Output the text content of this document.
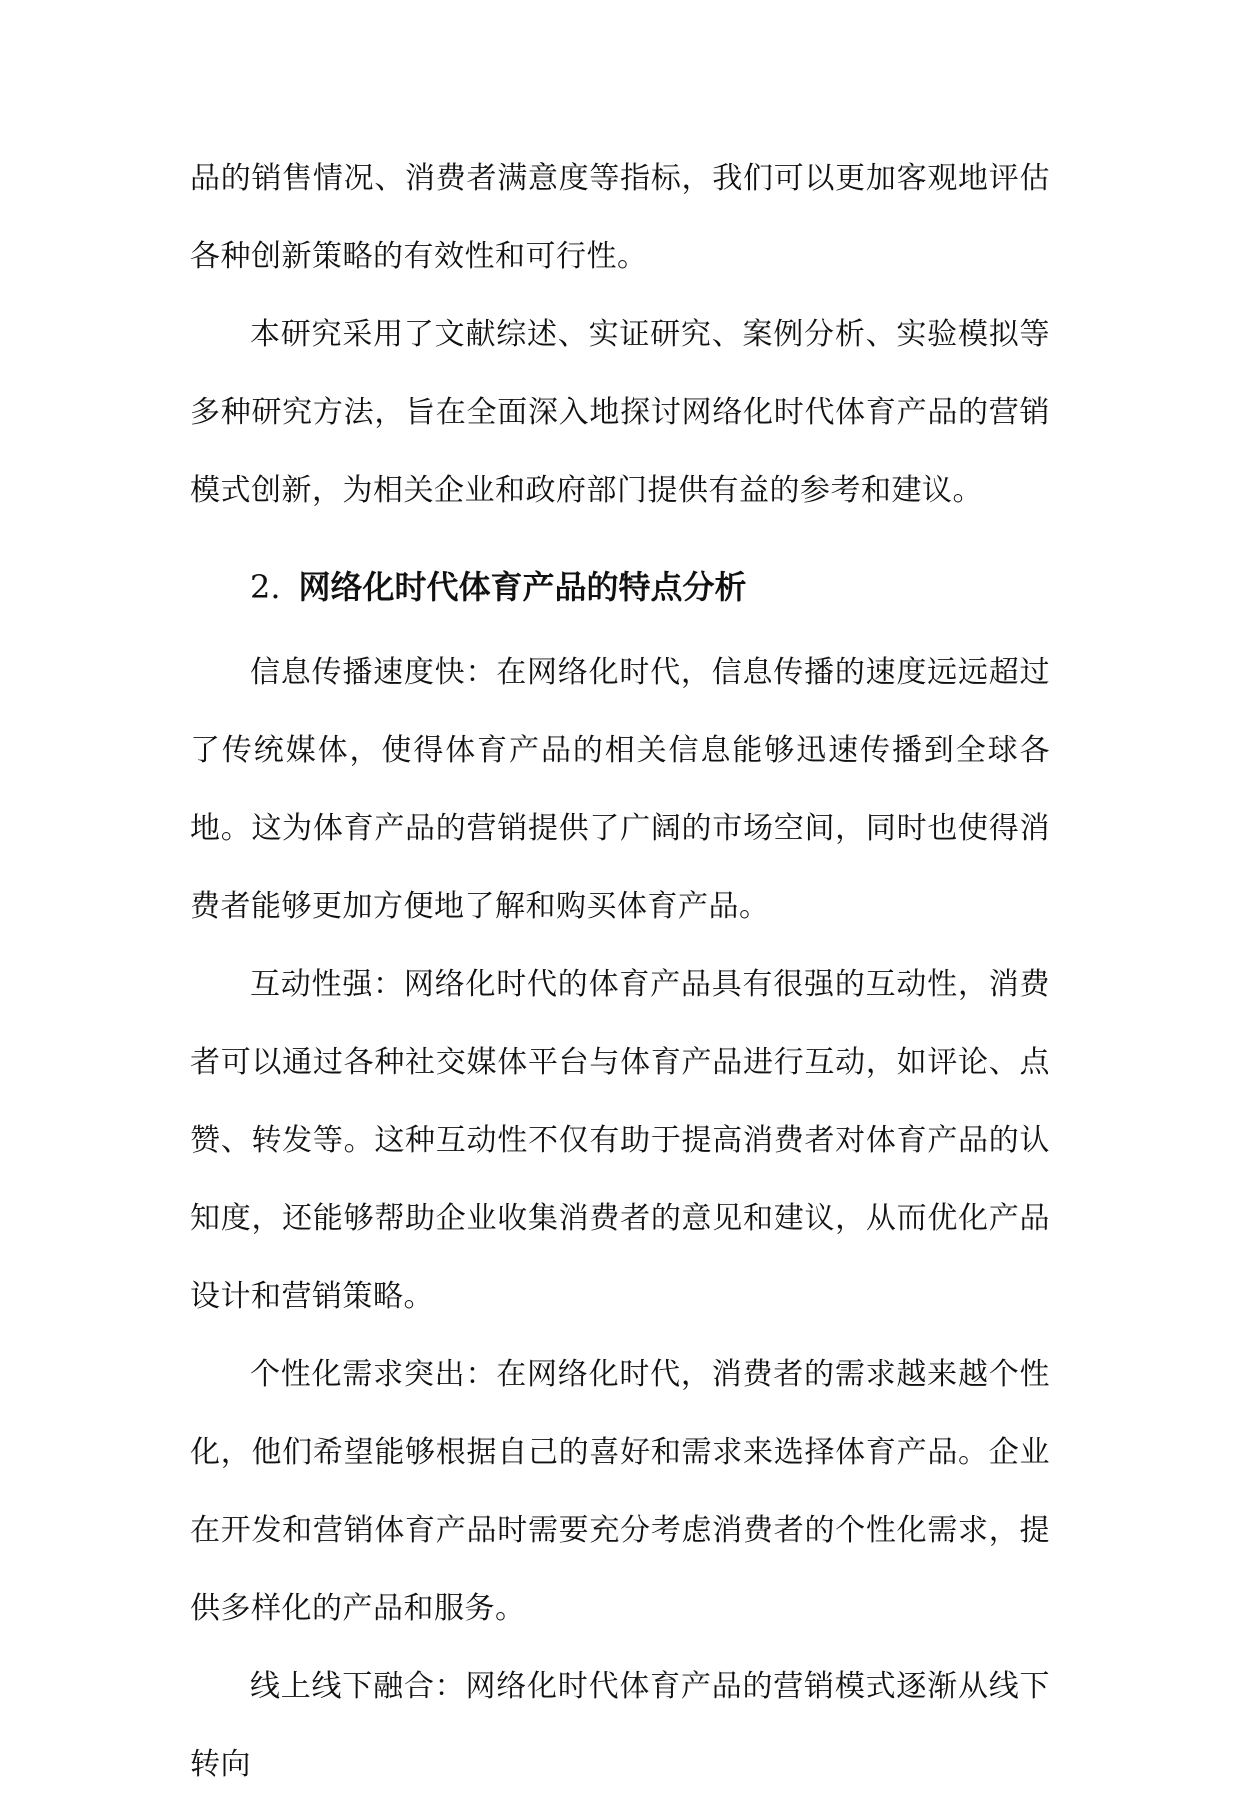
品的销售情况、消费者满意度等指标，我们可以更加客观地评估各种创新策略的有效性和可行性。

本研究采用了文献综述、实证研究、案例分析、实验模拟等多种研究方法，旨在全面深入地探讨网络化时代体育产品的营销模式创新，为相关企业和政府部门提供有益的参考和建议。

2. 网络化时代体育产品的特点分析

信息传播速度快：在网络化时代，信息传播的速度远远超过了传统媒体，使得体育产品的相关信息能够迅速传播到全球各地。这为体育产品的营销提供了广阔的市场空间，同时也使得消费者能够更加方便地了解和购买体育产品。

互动性强：网络化时代的体育产品具有很强的互动性，消费者可以通过各种社交媒体平台与体育产品进行互动，如评论、点赞、转发等。这种互动性不仅有助于提高消费者对体育产品的认知度，还能够帮助企业收集消费者的意见和建议，从而优化产品设计和营销策略。

个性化需求突出：在网络化时代，消费者的需求越来越个性化，他们希望能够根据自己的喜好和需求来选择体育产品。企业在开发和营销体育产品时需要充分考虑消费者的个性化需求，提供多样化的产品和服务。

线上线下融合：网络化时代体育产品的营销模式逐渐从线下转向
